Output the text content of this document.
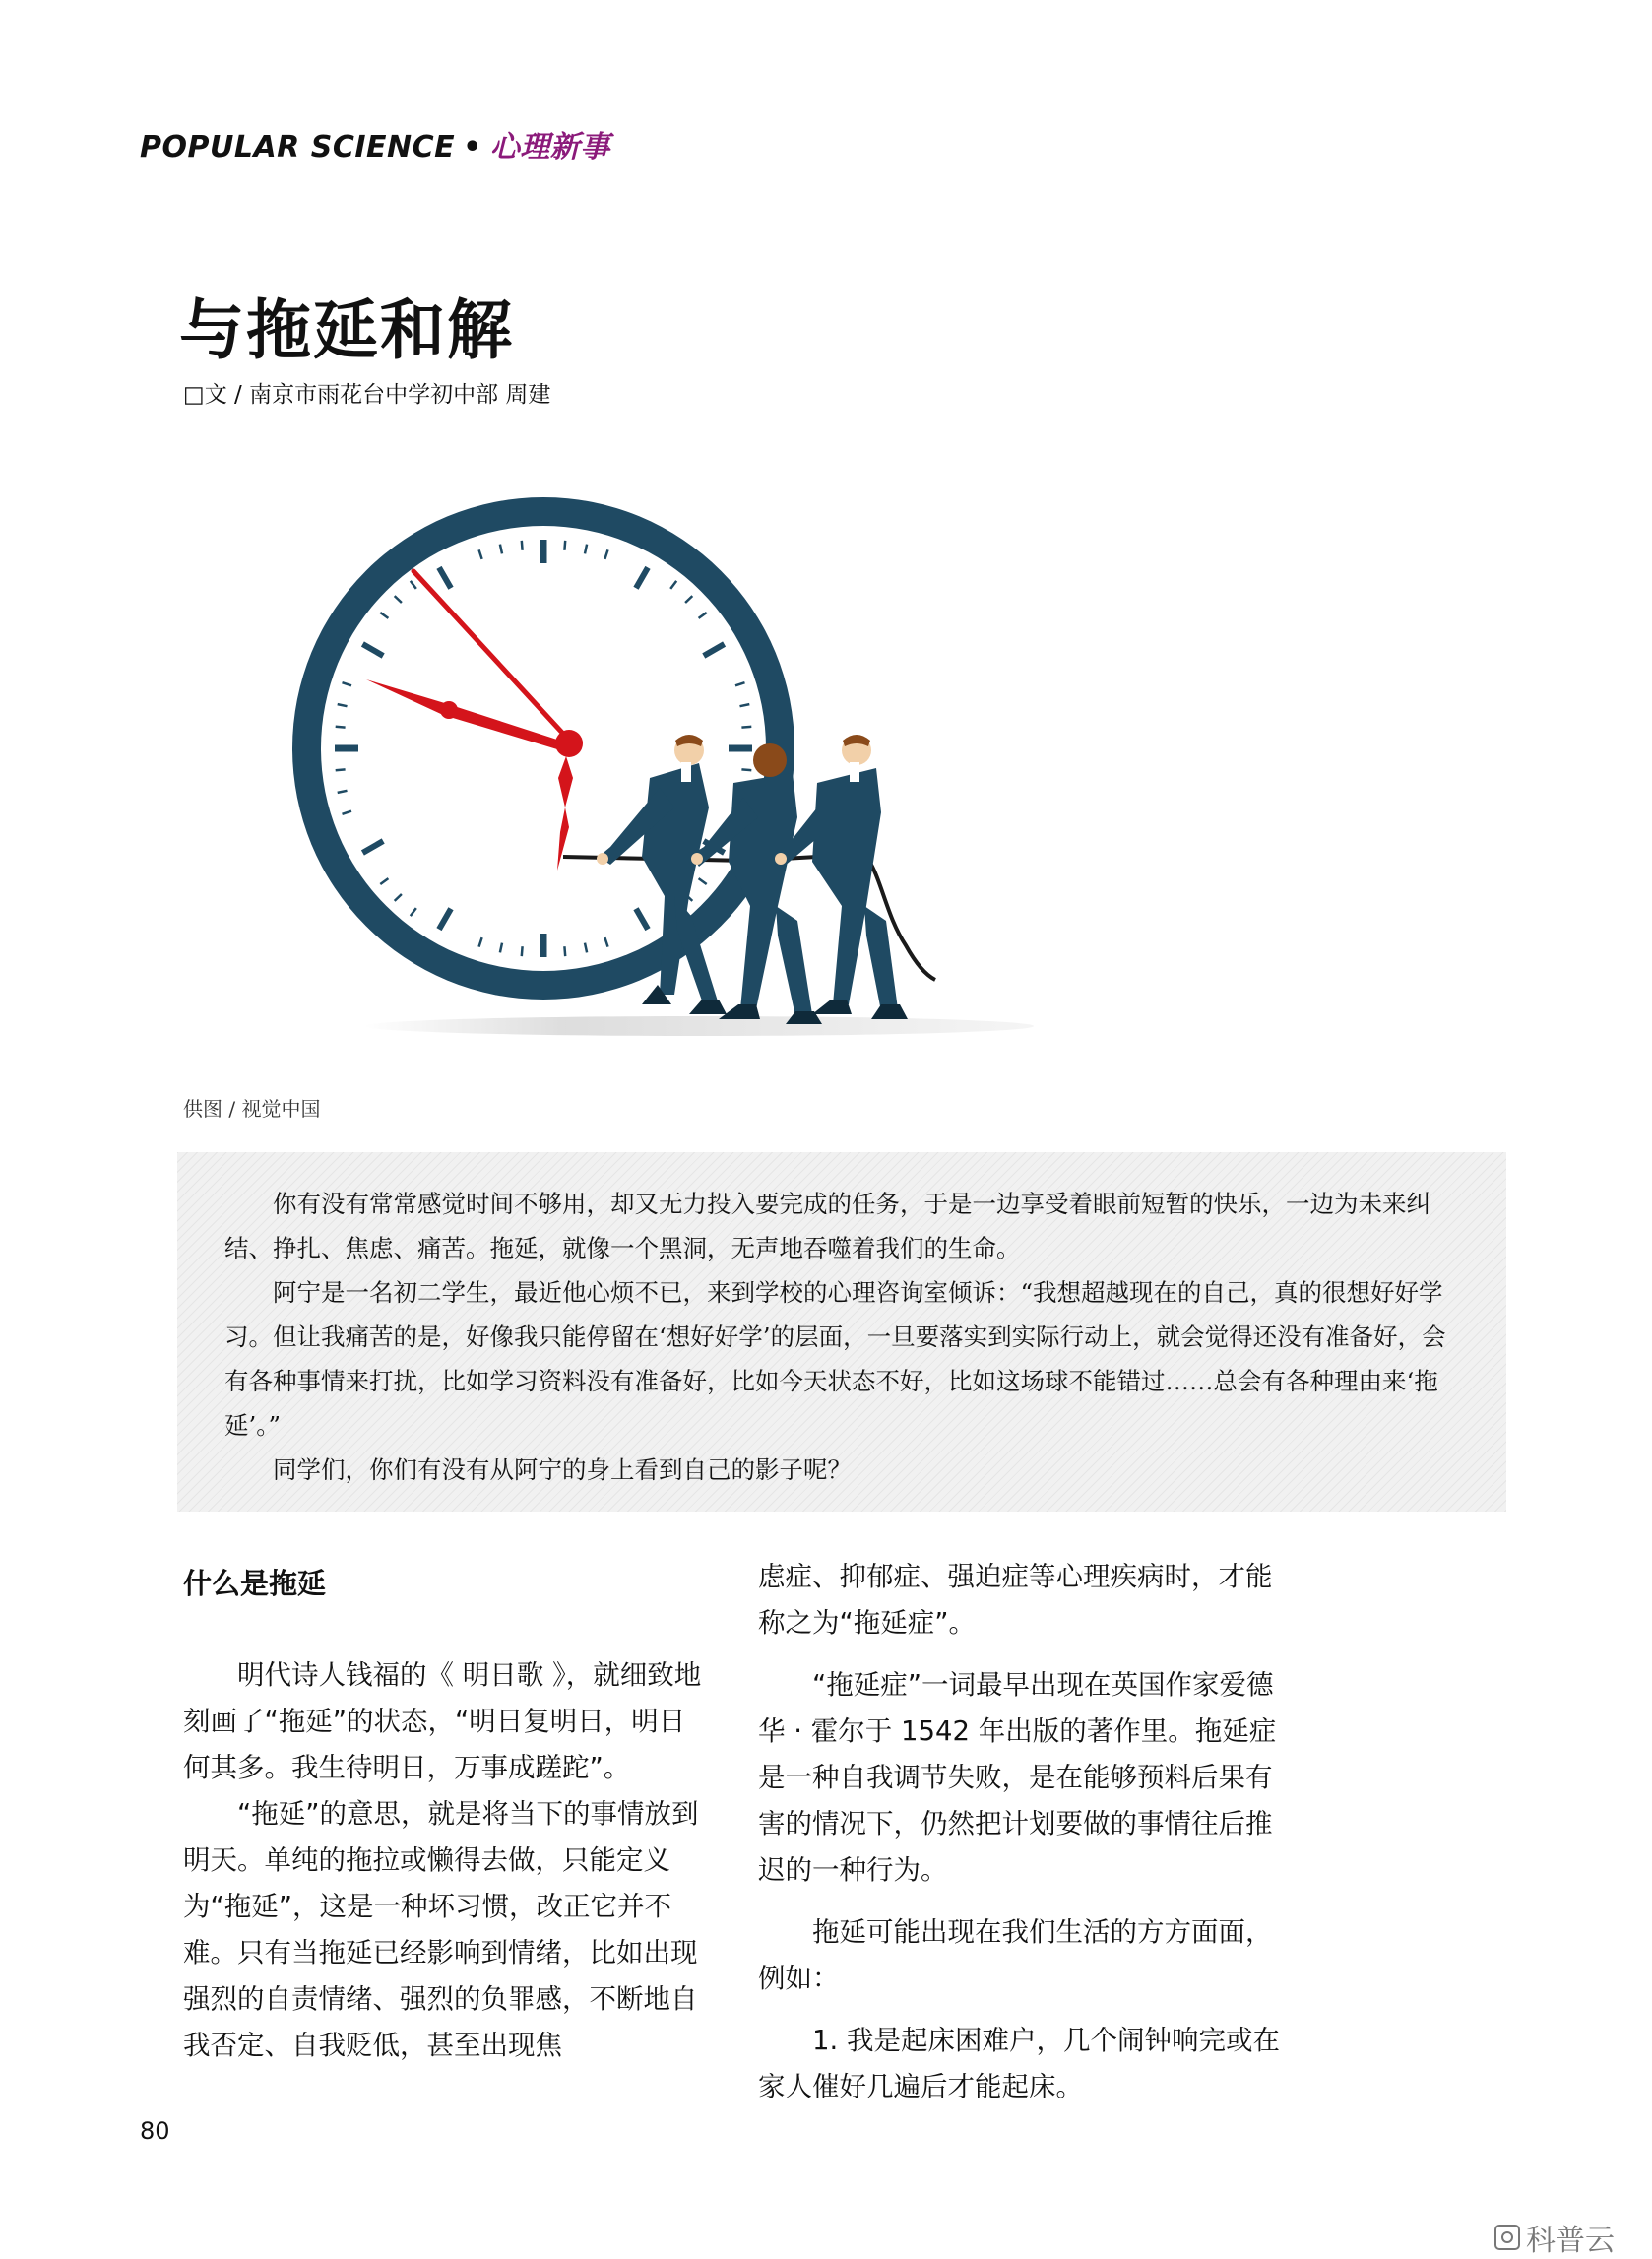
POPULAR SCIENCE • 心理新事
与拖延和解
□文 / 南京市雨花台中学初中部 周建
供图 / 视觉中国

你有没有常常感觉时间不够用，却又无力投入要完成的任务，于是一边享受着眼前短暂的快乐，一边为未来纠结、挣扎、焦虑、痛苦。拖延，就像一个黑洞，无声地吞噬着我们的生命。

阿宁是一名初二学生，最近他心烦不已，来到学校的心理咨询室倾诉：“我想超越现在的自己，真的很想好好学习。但让我痛苦的是，好像我只能停留在‘想好好学’的层面，一旦要落实到实际行动上，就会觉得还没有准备好，会有各种事情来打扰，比如学习资料没有准备好，比如今天状态不好，比如这场球不能错过……总会有各种理由来‘拖延’。”

同学们，你们有没有从阿宁的身上看到自己的影子呢？

什么是拖延

明代诗人钱福的《 明日歌 》，就细致地刻画了“拖延”的状态，“明日复明日，明日何其多。我生待明日，万事成蹉跎”。

“拖延”的意思，就是将当下的事情放到明天。单纯的拖拉或懒得去做，只能定义为“拖延”，这是一种坏习惯，改正它并不难。只有当拖延已经影响到情绪，比如出现强烈的自责情绪、强烈的负罪感，不断地自我否定、自我贬低，甚至出现焦

虑症、抑郁症、强迫症等心理疾病时，才能称之为“拖延症”。

“拖延症”一词最早出现在英国作家爱德华 · 霍尔于 1542 年出版的著作里。拖延症是一种自我调节失败，是在能够预料后果有害的情况下，仍然把计划要做的事情往后推迟的一种行为。

拖延可能出现在我们生活的方方面面，例如：

1. 我是起床困难户，几个闹钟响完或在家人催好几遍后才能起床。

80
科普云
